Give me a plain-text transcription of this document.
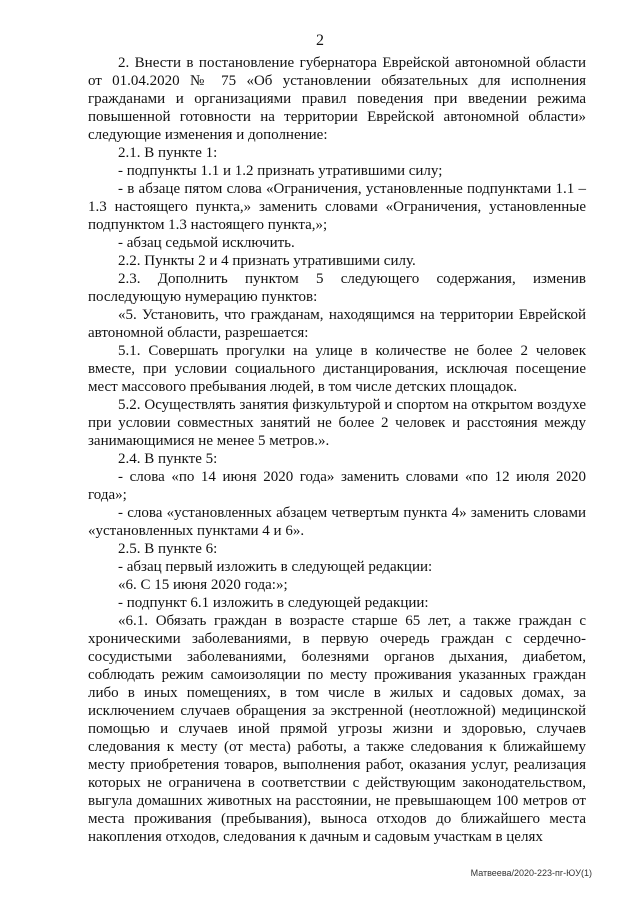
2

2. Внести в постановление губернатора Еврейской автономной области от 01.04.2020 № 75 «Об установлении обязательных для исполнения гражданами и организациями правил поведения при введении режима повышенной готовности на территории Еврейской автономной области» следующие изменения и дополнение:

2.1. В пункте 1:

- подпункты 1.1 и 1.2 признать утратившими силу;

- в абзаце пятом слова «Ограничения, установленные подпунктами 1.1 – 1.3 настоящего пункта,» заменить словами «Ограничения, установленные подпунктом 1.3 настоящего пункта,»;

- абзац седьмой исключить.

2.2. Пункты 2 и 4 признать утратившими силу.

2.3. Дополнить пунктом 5 следующего содержания, изменив последующую нумерацию пунктов:

«5. Установить, что гражданам, находящимся на территории Еврейской автономной области, разрешается:

5.1. Совершать прогулки на улице в количестве не более 2 человек вместе, при условии социального дистанцирования, исключая посещение мест массового пребывания людей, в том числе детских площадок.

5.2. Осуществлять занятия физкультурой и спортом на открытом воздухе при условии совместных занятий не более 2 человек и расстояния между занимающимися не менее 5 метров.».

2.4. В пункте 5:

- слова «по 14 июня 2020 года» заменить словами «по 12 июля 2020 года»;

- слова «установленных абзацем четвертым пункта 4» заменить словами «установленных пунктами 4 и 6».

2.5. В пункте 6:

- абзац первый изложить в следующей редакции:

«6. С 15 июня 2020 года:»;

- подпункт 6.1 изложить в следующей редакции:

«6.1. Обязать граждан в возрасте старше 65 лет, а также граждан с хроническими заболеваниями, в первую очередь граждан с сердечно-сосудистыми заболеваниями, болезнями органов дыхания, диабетом, соблюдать режим самоизоляции по месту проживания указанных граждан либо в иных помещениях, в том числе в жилых и садовых домах, за исключением случаев обращения за экстренной (неотложной) медицинской помощью и случаев иной прямой угрозы жизни и здоровью, случаев следования к месту (от места) работы, а также следования к ближайшему месту приобретения товаров, выполнения работ, оказания услуг, реализация которых не ограничена в соответствии с действующим законодательством, выгула домашних животных на расстоянии, не превышающем 100 метров от места проживания (пребывания), выноса отходов до ближайшего места накопления отходов, следования к дачным и садовым участкам в целях

Матвеева/2020-223-пг-ЮУ(1)
